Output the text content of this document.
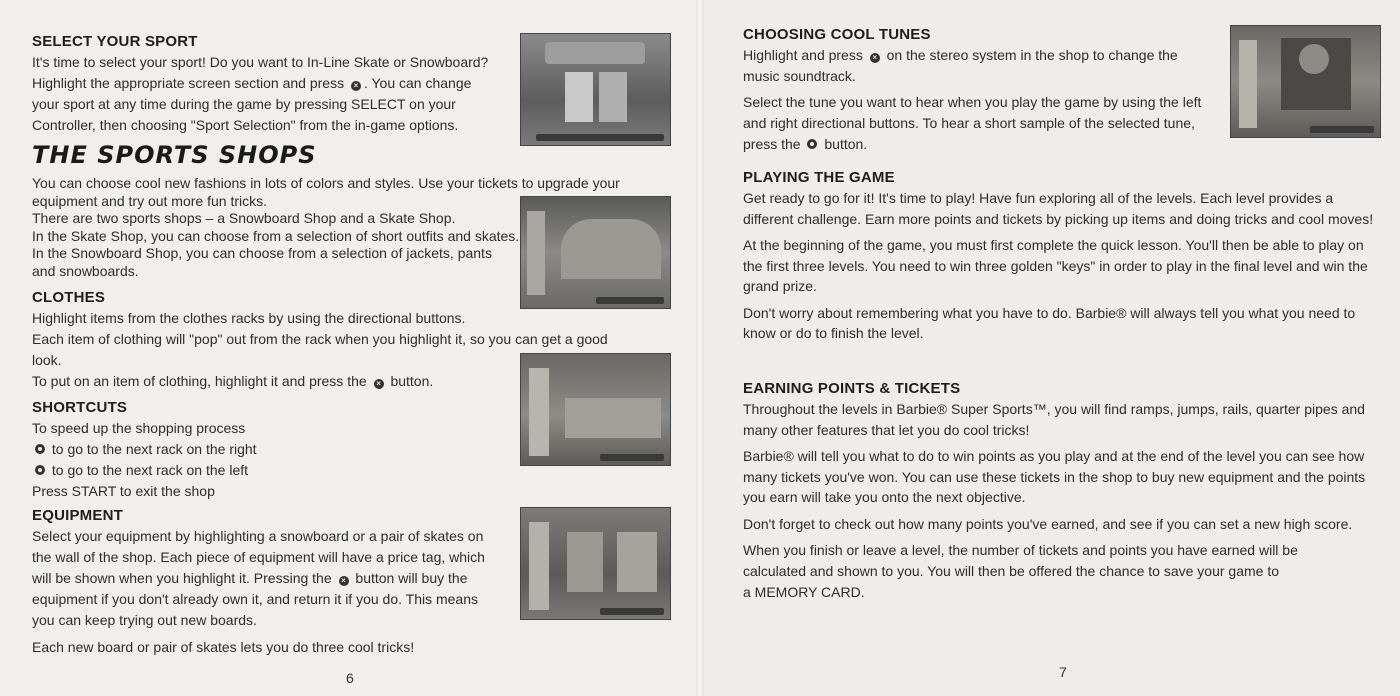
SELECT YOUR SPORT

It's time to select your sport! Do you want to In-Line Skate or Snowboard?

Highlight the appropriate screen section and press × . You can change

your sport at any time during the game by pressing SELECT on your

Controller, then choosing "Sport Selection" from the in-game options.

THE SPORTS SHOPS

You can choose cool new fashions in lots of colors and styles. Use your tickets to upgrade your

equipment and try out more fun tricks.

There are two sports shops – a Snowboard Shop and a Skate Shop.

In the Skate Shop, you can choose from a selection of short outfits and skates.

In the Snowboard Shop, you can choose from a selection of jackets, pants

and snowboards.

CLOTHES

Highlight items from the clothes racks by using the directional buttons.

Each item of clothing will "pop" out from the rack when you highlight it, so you can get a good

look.

To put on an item of clothing, highlight it and press the × button.

SHORTCUTS

To speed up the shopping process

to go to the next rack on the right

to go to the next rack on the left

Press START to exit the shop

EQUIPMENT

Select your equipment by highlighting a snowboard or a pair of skates on

the wall of the shop. Each piece of equipment will have a price tag, which

will be shown when you highlight it. Pressing the × button will buy the

equipment if you don't already own it, and return it if you do. This means

you can keep trying out new boards.

Each new board or pair of skates lets you do three cool tricks!

6

CHOOSING COOL TUNES

Highlight and press × on the stereo system in the shop to change the

music soundtrack.

Select the tune you want to hear when you play the game by using the left

and right directional buttons. To hear a short sample of the selected tune,

press the button.

PLAYING THE GAME

Get ready to go for it! It's time to play! Have fun exploring all of the levels. Each level provides a different challenge. Earn more points and tickets by picking up items and doing tricks and cool moves!

At the beginning of the game, you must first complete the quick lesson. You'll then be able to play on the first three levels. You need to win three golden "keys" in order to play in the final level and win the grand prize.

Don't worry about remembering what you have to do. Barbie® will always tell you what you need to know or do to finish the level.

EARNING POINTS & TICKETS

Throughout the levels in Barbie® Super Sports™, you will find ramps, jumps, rails, quarter pipes and many other features that let you do cool tricks!

Barbie® will tell you what to do to win points as you play and at the end of the level you can see how many tickets you've won. You can use these tickets in the shop to buy new equipment and the points you earn will take you onto the next objective.

Don't forget to check out how many points you've earned, and see if you can set a new high score.

When you finish or leave a level, the number of tickets and points you have earned will be

calculated and shown to you. You will then be offered the chance to save your game to

a MEMORY CARD.

7
